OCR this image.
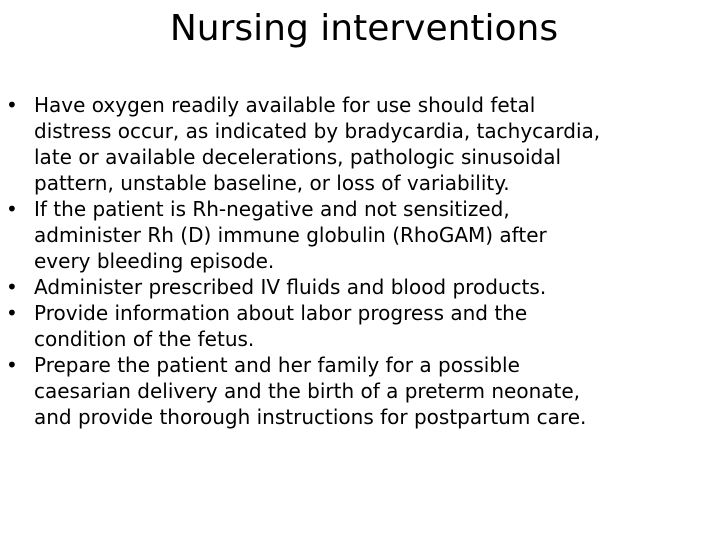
Nursing interventions
• Have oxygen readily available for use should fetal
distress occur, as indicated by bradycardia, tachycardia,
late or available decelerations, pathologic sinusoidal
pattern, unstable baseline, or loss of variability.
• If the patient is Rh-negative and not sensitized,
administer Rh (D) immune globulin (RhoGAM) after
every bleeding episode.
• Administer prescribed IV fluids and blood products.
• Provide information about labor progress and the
condition of the fetus.
• Prepare the patient and her family for a possible
caesarian delivery and the birth of a preterm neonate,
and provide thorough instructions for postpartum care.
